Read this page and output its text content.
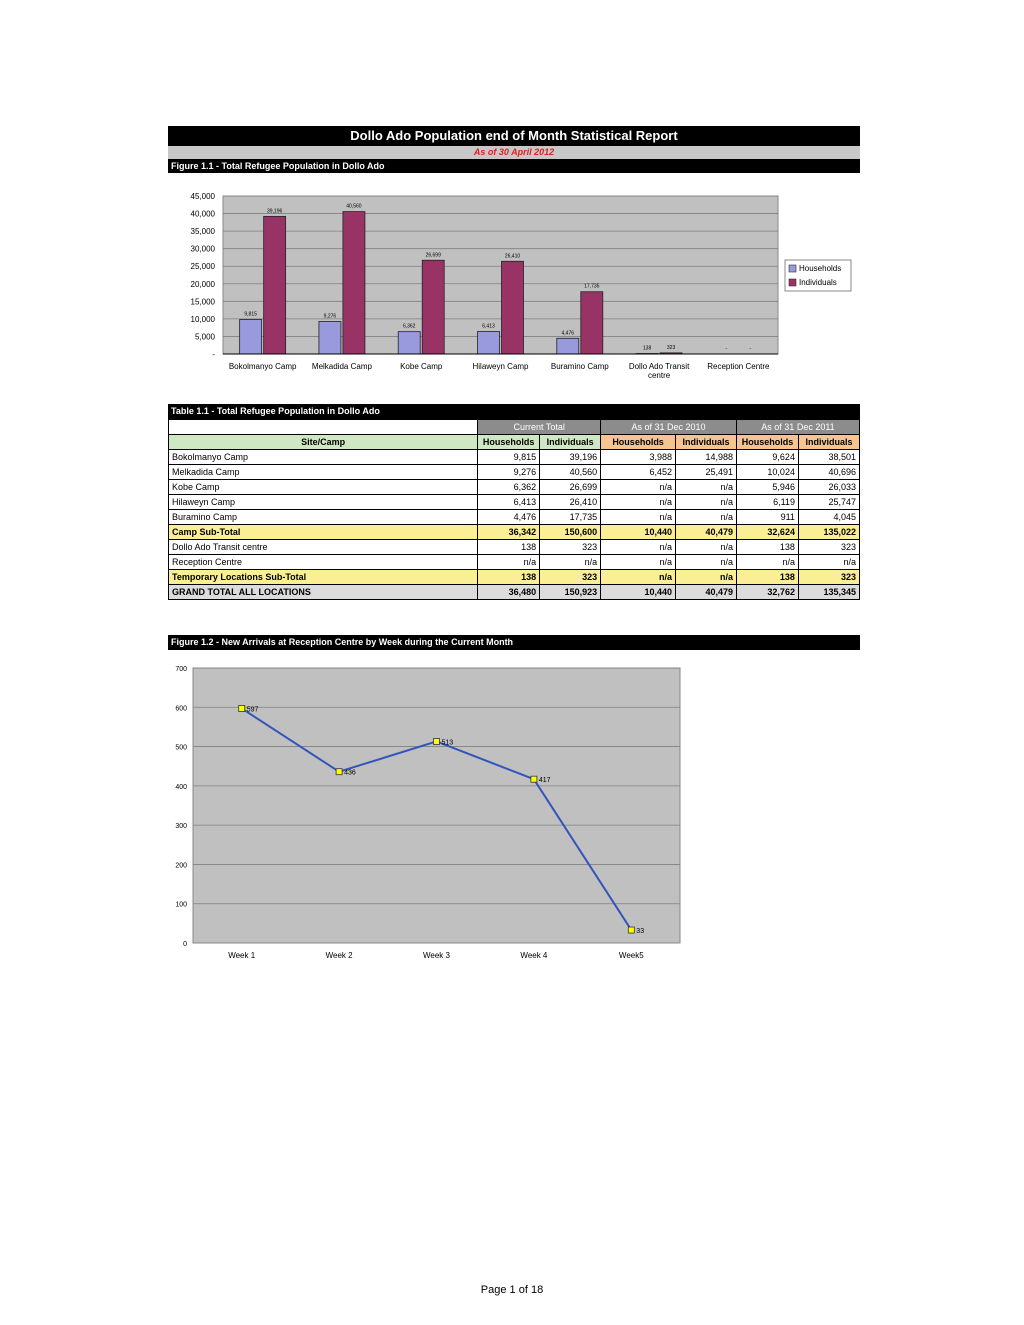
Dollo Ado Population end of Month Statistical Report
As of 30 April 2012
Figure 1.1 - Total Refugee Population in Dollo Ado
-
5,000
10,000
15,000
20,000
25,000
30,000
35,000
40,000
45,000
9,815
39,196
9,276
40,560
6,362
26,699
6,413
26,410
4,476
17,735
138	323	-	-
Bokolmanyo Camp Melkadida Camp	Kobe Camp	Hilaweyn Camp	Buramino Camp	Dollo Ado Transit
centre
Reception Centre
Households
Individuals
Table 1.1 - Total Refugee Population in Dollo Ado
	Current Total		As of 31 Dec 2010		As of 31 Dec 2011	
Site/Camp	Households	Individuals	Households	Individuals	Households	Individuals
Bokolmanyo Camp	9,815	39,196	3,988	14,988	9,624	38,501
Melkadida Camp	9,276	40,560	6,452	25,491	10,024	40,696
Kobe Camp	6,362	26,699	n/a	n/a	5,946	26,033
Hilaweyn Camp	6,413	26,410	n/a	n/a	6,119	25,747
Buramino Camp	4,476	17,735	n/a	n/a	911	4,045
Camp Sub-Total	36,342	150,600	10,440	40,479	32,624	135,022
Dollo Ado Transit centre	138	323	n/a	n/a	138	323
Reception Centre	n/a	n/a	n/a	n/a	n/a	n/a
Temporary Locations Sub-Total	138	323	n/a	n/a	138	323
GRAND TOTAL ALL LOCATIONS	36,480	150,923	10,440	40,479	32,762	135,345
Figure 1.2 - New Arrivals at Reception Centre by Week during the Current Month
0
100
200
300
400
500
600
700
597
436
513
417
33
Week 1	Week 2	Week 3	Week 4	Week5
Page 1 of 18
